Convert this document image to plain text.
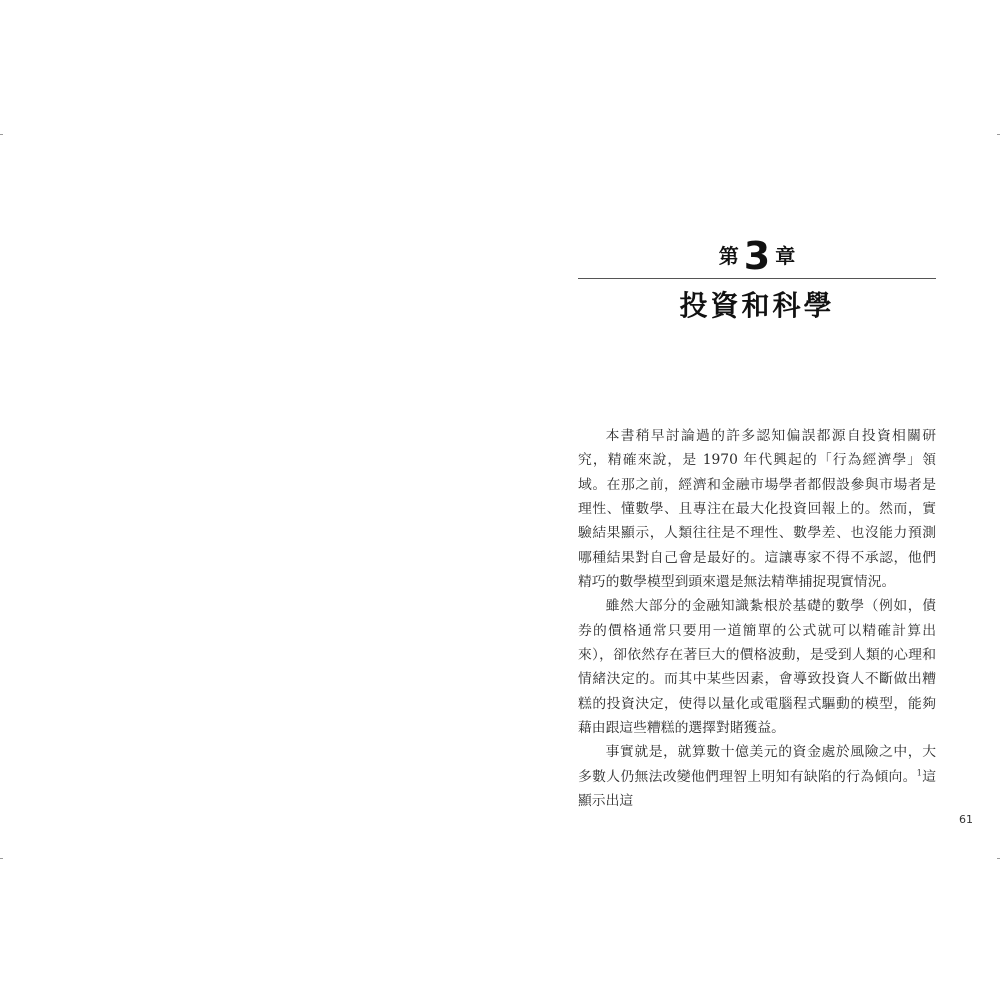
第 3 章
投資和科學

本書稍早討論過的許多認知偏誤都源自投資相關研究，精確來說，是 1970 年代興起的「行為經濟學」領域。在那之前，經濟和金融市場學者都假設參與市場者是理性、懂數學、且專注在最大化投資回報上的。然而，實驗結果顯示，人類往往是不理性、數學差、也沒能力預測哪種結果對自己會是最好的。這讓專家不得不承認，他們精巧的數學模型到頭來還是無法精準捕捉現實情況。

雖然大部分的金融知識紮根於基礎的數學（例如，債券的價格通常只要用一道簡單的公式就可以精確計算出來），卻依然存在著巨大的價格波動，是受到人類的心理和情緒決定的。而其中某些因素，會導致投資人不斷做出糟糕的投資決定，使得以量化或電腦程式驅動的模型，能夠藉由跟這些糟糕的選擇對賭獲益。

事實就是，就算數十億美元的資金處於風險之中，大多數人仍無法改變他們理智上明知有缺陷的行為傾向。$^1$這顯示出這

61
